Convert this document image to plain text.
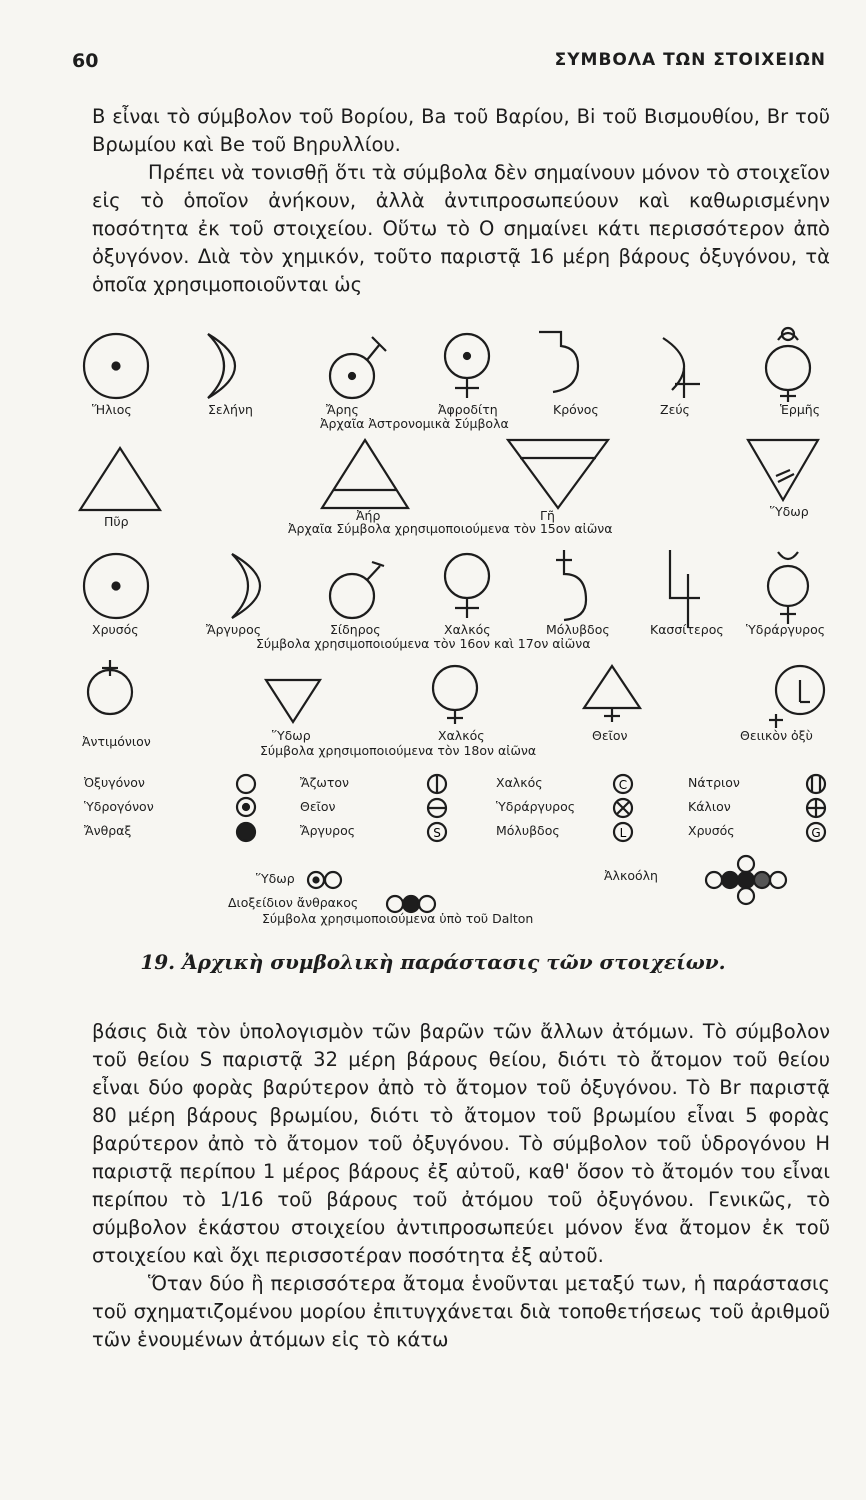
60	ΣΥΜΒΟΛΑ ΤΩΝ ΣΤΟΙΧΕΙΩΝ

Β εἶναι τὸ σύμβολον τοῦ Βορίου, Ba τοῦ Βαρίου, Bi τοῦ Βισμουθίου, Br τοῦ Βρωμίου καὶ Be τοῦ Βηρυλλίου.

Πρέπει νὰ τονισθῇ ὅτι τὰ σύμβολα δὲν σημαίνουν μόνον τὸ στοιχεῖον εἰς τὸ ὁποῖον ἀνήκουν, ἀλλὰ ἀντιπροσωπεύουν καὶ καθωρισμένην ποσότητα ἐκ τοῦ στοιχείου. Οὕτω τὸ Ο σημαίνει κάτι περισσότερον ἀπὸ ὀξυγόνον. Διὰ τὸν χημικόν, τοῦτο παριστᾷ 16 μέρη βάρους ὀξυγόνου, τὰ ὁποῖα χρησιμοποιοῦνται ὡς

C
L
S	G
Ἥλιος	Σελήνη	Ἄρης	Ἀφροδίτη	Κρόνος	Ζεύς	Ἑρμῆς
Ἀρχαῖα Ἀστρονομικὰ Σύμβολα
Πῦρ	Ἀήρ	Γῆ	Ὕδωρ
Ἀρχαῖα Σύμβολα χρησιμοποιούμενα τὸν 15ον αἰῶνα
Χρυσός	Ἄργυρος	Σίδηρος	Χαλκός	Μόλυβδος	Κασσίτερος Ὑδράργυρος
Σύμβολα χρησιμοποιούμενα τὸν 16ον καὶ 17ον αἰῶνα
Ἀντιμόνιον	Ὕδωρ	Χαλκός	Θεῖον	Θειικὸν ὀξὺ
Σύμβολα χρησιμοποιούμενα τὸν 18ον αἰῶνα
Ὀξυγόνον	Ἄζωτον	Χαλκός	Νάτριον
Ὑδρογόνον	Θεῖον	Ὑδράργυρος	Κάλιον
Ἄνθραξ	Ἄργυρος	Μόλυβδος	Χρυσός
Ὕδωρ
Διοξείδιον ἄνθρακος
Ἀλκοόλη
Σύμβολα χρησιμοποιούμενα ὑπὸ τοῦ Dalton
19. Ἀρχικὴ συμβολικὴ παράστασις τῶν στοιχείων.

βάσις διὰ τὸν ὑπολογισμὸν τῶν βαρῶν τῶν ἄλλων ἀτόμων. Τὸ σύμβολον τοῦ θείου S παριστᾷ 32 μέρη βάρους θείου, διότι τὸ ἄτομον τοῦ θείου εἶναι δύο φορὰς βαρύτερον ἀπὸ τὸ ἄτομον τοῦ ὀξυγόνου. Τὸ Br παριστᾷ 80 μέρη βάρους βρωμίου, διότι τὸ ἄτομον τοῦ βρωμίου εἶναι 5 φορὰς βαρύτερον ἀπὸ τὸ ἄτομον τοῦ ὀξυγόνου. Τὸ σύμβολον τοῦ ὑδρογόνου Η παριστᾷ περίπου 1 μέρος βάρους ἐξ αὐτοῦ, καθ' ὅσον τὸ ἄτομόν του εἶναι περίπου τὸ 1/16 τοῦ βάρους τοῦ ἀτόμου τοῦ ὀξυγόνου. Γενικῶς, τὸ σύμβολον ἑκάστου στοιχείου ἀντιπροσωπεύει μόνον ἕνα ἄτομον ἐκ τοῦ στοιχείου καὶ ὄχι περισσοτέραν ποσότητα ἐξ αὐτοῦ.

Ὅταν δύο ἢ περισσότερα ἄτομα ἑνοῦνται μεταξύ των, ἡ παράστασις τοῦ σχηματιζομένου μορίου ἐπιτυγχάνεται διὰ τοποθετήσεως τοῦ ἀριθμοῦ τῶν ἑνουμένων ἀτόμων εἰς τὸ κάτω
